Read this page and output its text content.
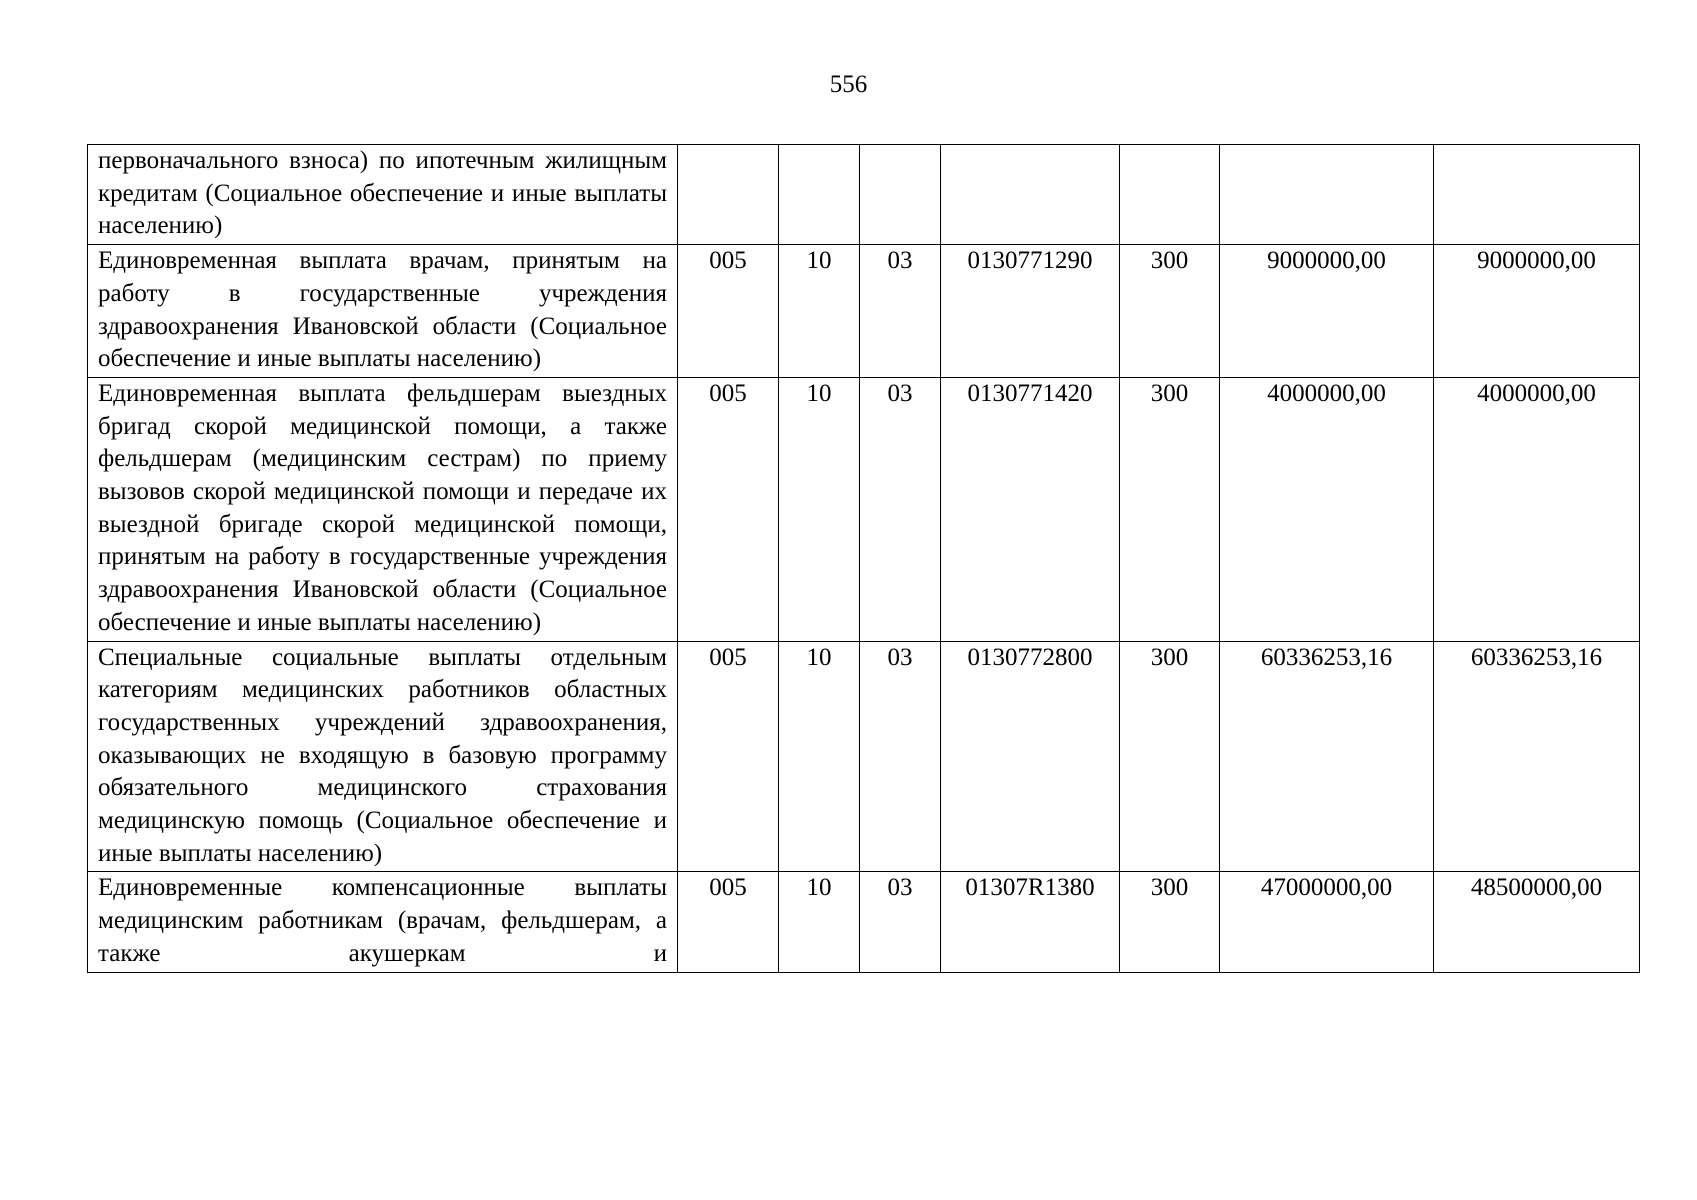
556
первоначального взноса) по ипотечным жилищным кредитам (Социальное обеспечение и иные выплаты населению)							
Единовременная выплата врачам, принятым на работу в государственные учреждения здравоохранения Ивановской области (Социальное обеспечение и иные выплаты населению)	005	10	03	0130771290	300	9000000,00	9000000,00
Единовременная выплата фельдшерам выездных бригад скорой медицинской помощи, а также фельдшерам (медицинским сестрам) по приему вызовов скорой медицинской помощи и передаче их выездной бригаде скорой медицинской помощи, принятым на работу в государственные учреждения здравоохранения Ивановской области (Социальное обеспечение и иные выплаты населению)	005	10	03	0130771420	300	4000000,00	4000000,00
Специальные социальные выплаты отдельным категориям медицинских работников областных государственных учреждений здравоохранения, оказывающих не входящую в базовую программу обязательного медицинского страхования медицинскую помощь (Социальное обеспечение и иные выплаты населению)	005	10	03	0130772800	300	60336253,16	60336253,16
Единовременные компенсационные выплаты медицинским работникам (врачам, фельдшерам, а также акушеркам и	005	10	03	01307R1380	300	47000000,00	48500000,00
